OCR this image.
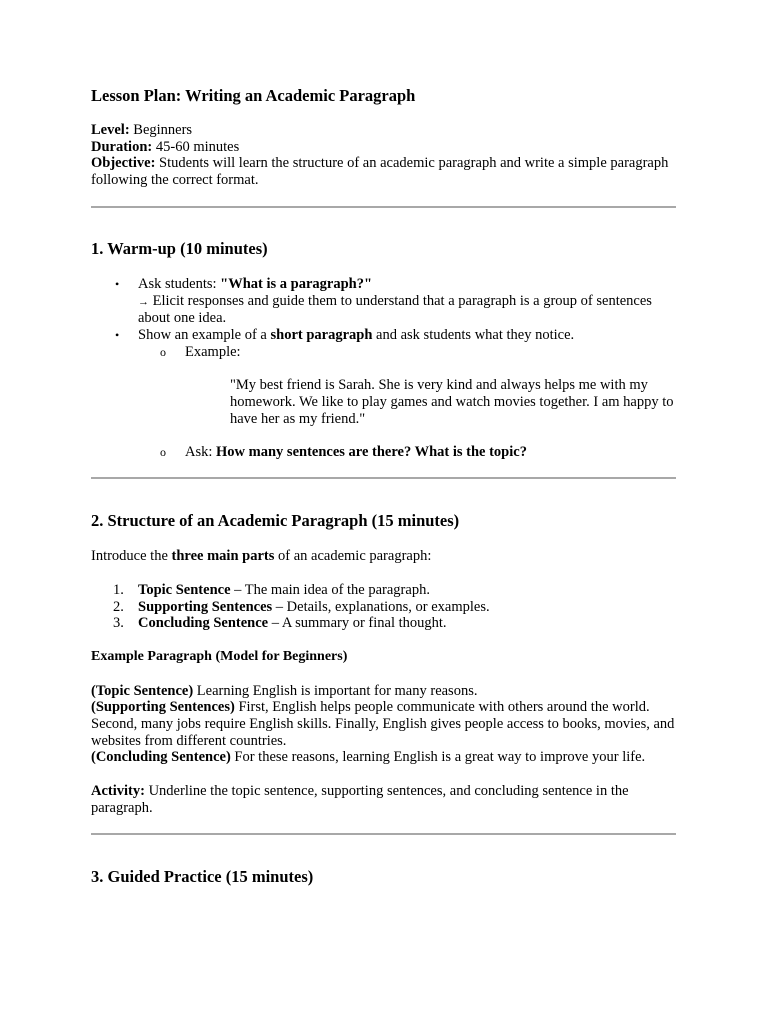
Lesson Plan: Writing an Academic Paragraph

Level: Beginners

Duration: 45-60 minutes

Objective: Students will learn the structure of an academic paragraph and write a simple paragraph following the correct format.

1. Warm-up (10 minutes)
• Ask students: "What is a paragraph?"
→ Elicit responses and guide them to understand that a paragraph is a group of sentences about one idea.
• Show an example of a short paragraph and ask students what they notice.
o Example:

"My best friend is Sarah. She is very kind and always helps me with my homework. We like to play games and watch movies together. I am happy to have her as my friend."

o Ask: How many sentences are there? What is the topic?

2. Structure of an Academic Paragraph (15 minutes)

Introduce the three main parts of an academic paragraph:

1. Topic Sentence – The main idea of the paragraph.
2. Supporting Sentences – Details, explanations, or examples.
3. Concluding Sentence – A summary or final thought.

Example Paragraph (Model for Beginners)

(Topic Sentence) Learning English is important for many reasons.

(Supporting Sentences) First, English helps people communicate with others around the world. Second, many jobs require English skills. Finally, English gives people access to books, movies, and websites from different countries.

(Concluding Sentence) For these reasons, learning English is a great way to improve your life.

Activity: Underline the topic sentence, supporting sentences, and concluding sentence in the paragraph.

3. Guided Practice (15 minutes)
